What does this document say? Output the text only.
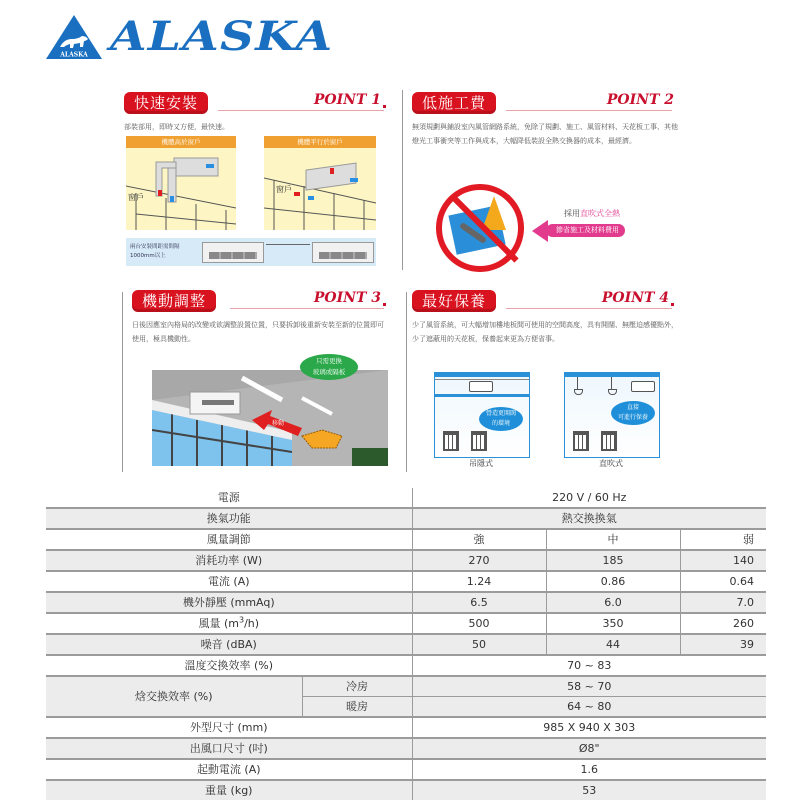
ALASKA ALASKA
快速安裝	POINT 1
部裝部用，即時又方便，最快速。
機體高於窗戶
窗戶
機體平行於窗戶
窗戶
兩台安裝間距需間隔
1000mm以上
低施工費	POINT 2
無須規劃與鋪設室內風管網路系統，免除了規劃、施工、風管材料、天花板工事、其他燈光工事衝突等工作與成本，大幅降低裝設全熱交換器的成本，最經濟。
採用直吹式全熱
節省施工及材料費用
機動調整	POINT 3
日後因應室內格局的改變或欲調整設置位置，只要拆卸後重新安裝至新的位置即可使用，極具機動性。
移動
只需更換
玻璃或隔板
最好保養	POINT 4
少了風管系統，可大幅增加樓地板間可使用的空間高度，具有開闊、無壓迫感優點外，少了遮蔽用的天花板，保養起來更為方便省事。
營造更開闊
的環境
吊隱式
直接
可進行保養
直吹式
電源		220 V / 60 Hz		
換氣功能		熱交換換氣		
風量調節		強	中	弱
消耗功率 (W)		270	185	140
電流 (A)		1.24	0.86	0.64
機外靜壓 (mmAq)		6.5	6.0	7.0
風量 $(m^3/h)$		500	350	260
噪音 (dBA)		50	44	39
溫度交換效率 (%)		70 ~ 83		
焓交換效率 (%)	冷房	58 ~ 70		
	暖房	64 ~ 80		
外型尺寸 (mm)		985 X 940 X 303		
出風口尺寸 (吋)		Ø8"		
起動電流 (A)		1.6		
重量 (kg)		53		
